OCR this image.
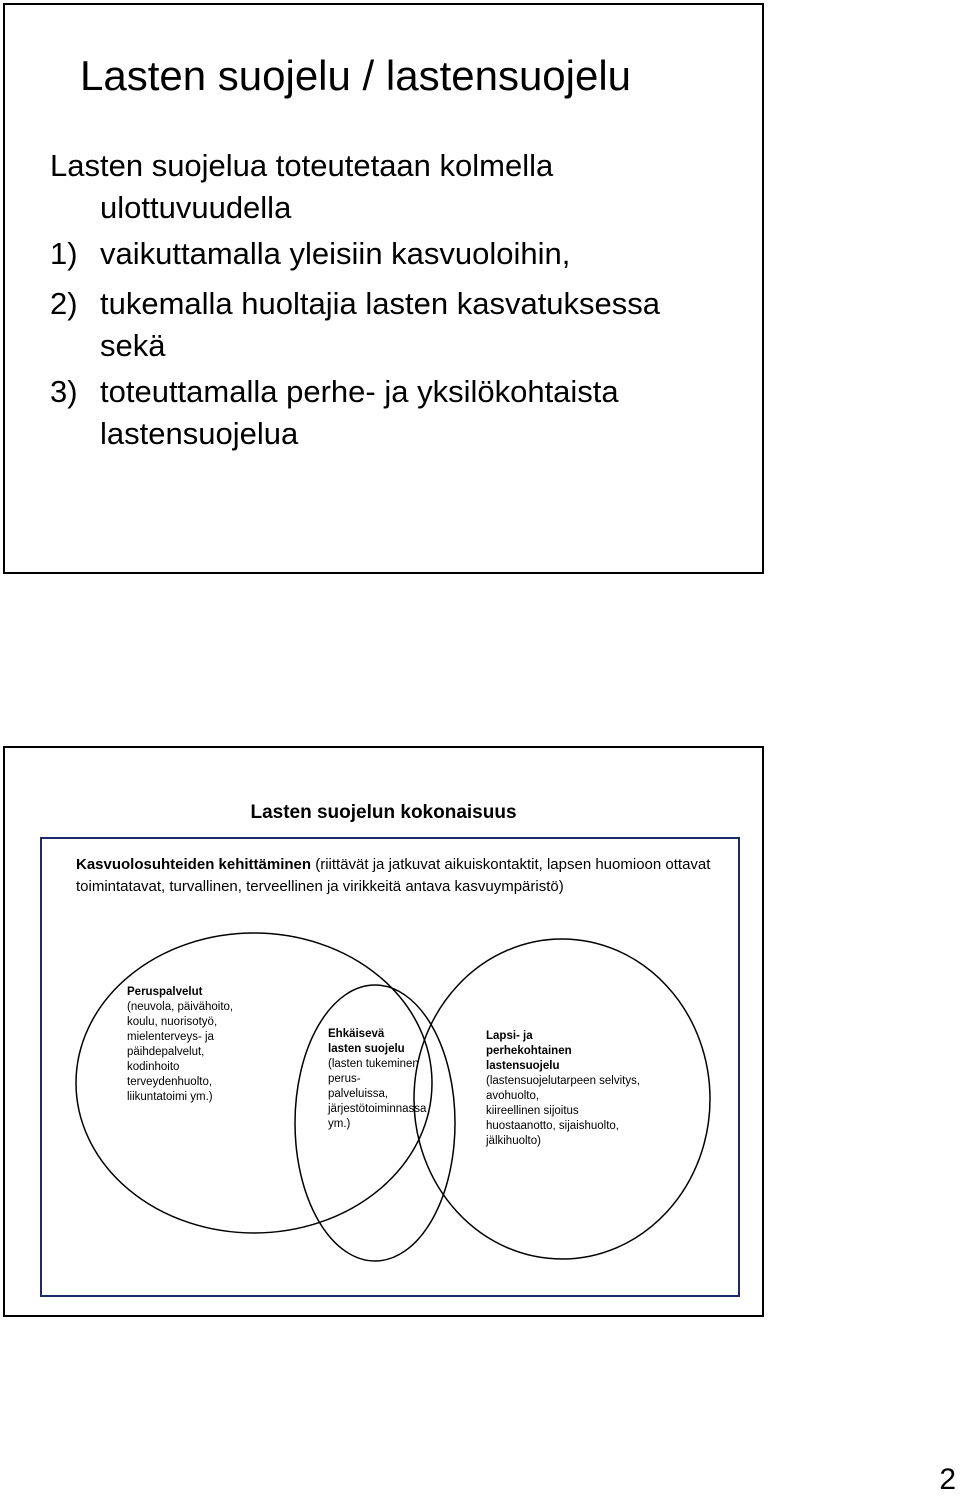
Lasten suojelu / lastensuojelu
Lasten suojelua toteutetaan kolmella
ulottuvuudella
1) vaikuttamalla yleisiin kasvuoloihin,
2) tukemalla huoltajia lasten kasvatuksessa
sekä
3) toteuttamalla perhe- ja yksilökohtaista
lastensuojelua
Lasten suojelun kokonaisuus
Kasvuolosuhteiden kehittäminen (riittävät ja jatkuvat aikuiskontaktit, lapsen huomioon ottavat toimintatavat, turvallinen, terveellinen ja virikkeitä antava kasvuympäristö)
Peruspalvelut
(neuvola, päivähoito,
koulu, nuorisotyö,
mielenterveys- ja
päihdepalvelut,
kodinhoito
terveydenhuolto,
liikuntatoimi ym.)
Ehkäisevä
lasten suojelu
(lasten tukeminen
perus-
palveluissa,
järjestötoiminnassa
ym.)
Lapsi- ja
perhekohtainen
lastensuojelu
(lastensuojelutarpeen selvitys,
avohuolto,
kiireellinen sijoitus
huostaanotto, sijaishuolto,
jälkihuolto)
2
